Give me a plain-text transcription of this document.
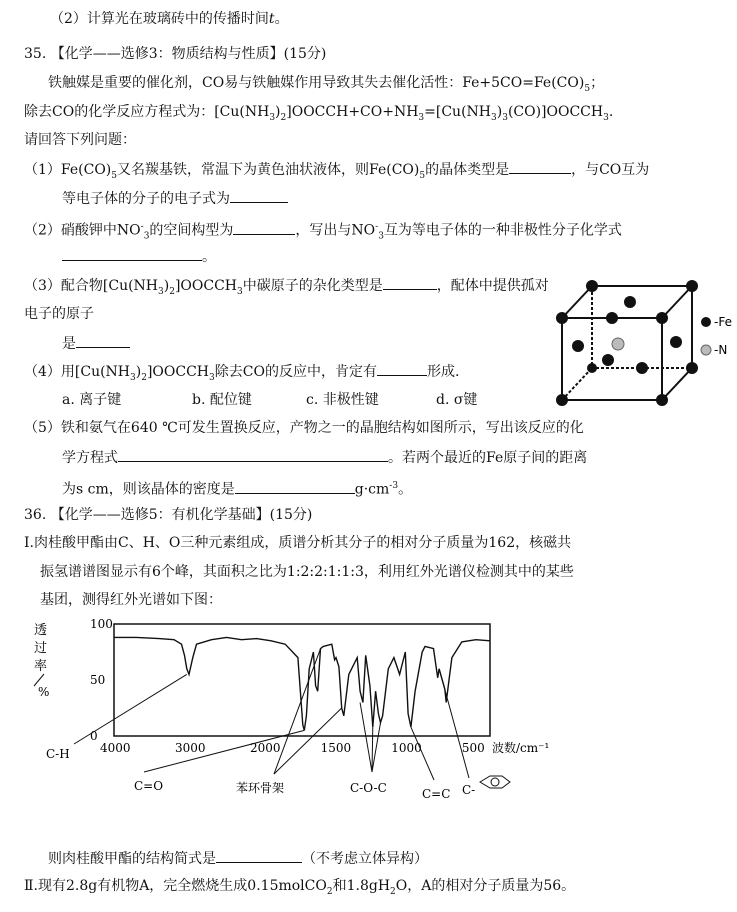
（2）计算光在玻璃砖中的传播时间t。
35. 【化学——选修3：物质结构与性质】(15分)
铁触媒是重要的催化剂，CO易与铁触媒作用导致其失去催化活性：$Fe+5CO=Fe(CO)_5$；
除去CO的化学反应方程式为：$[Cu(NH_3)_2]OOCCH+CO+NH_3=[Cu(NH_3)_3(CO)]OOCCH_3$.
请回答下列问题：
$(1)Fe(CO)_5$又名羰基铁，常温下为黄色油状液体，则$Fe(CO)_5$的晶体类型是	，与CO互为
等电子体的分子的电子式为
（2）硝酸钾中$NO^-_3$的空间构型为	，写出与$NO^-_3$互为等电子体的一种非极性分子化学式
。
（3）配合物$[Cu(NH_3)_2]OOCCH_3$中碳原子的杂化类型是	，配体中提供孤对
电子的原子
是
（4）用$[Cu(NH_3)_2]OOCCH_3$除去CO的反应中，肯定有	形成.
a. 离子键	b. 配位键	c. 非极性键	d. σ键
（5）铁和氨气在640 ℃可发生置换反应，产物之一的晶胞结构如图所示，写出该反应的化
学方程式	。若两个最近的Fe原子间的距离
为s cm，则该晶体的密度是	$g\cdot cm^{-3}$。
-Fe
-N
36. 【化学——选修5：有机化学基础】(15分)
Ⅰ.肉桂酸甲酯由C、H、O三种元素组成，质谱分析其分子的相对分子质量为162，核磁共
振氢谱谱图显示有6个峰，其面积之比为1:2:2:1:1:3，利用红外光谱仪检测其中的某些
基团，测得红外光谱如下图：
100
50
0
4000	3000	2000	1500	1000	500
透
过
率
%
波数/cm⁻¹
C-H
C=O	苯环骨架	C-O-C	C=C C-
则肉桂酸甲酯的结构简式是	（不考虑立体异构）
Ⅱ.现有2.8g有机物A，完全燃烧生成0.15molCO$_2$和$1.8gH_2O$，A的相对分子质量为56。
